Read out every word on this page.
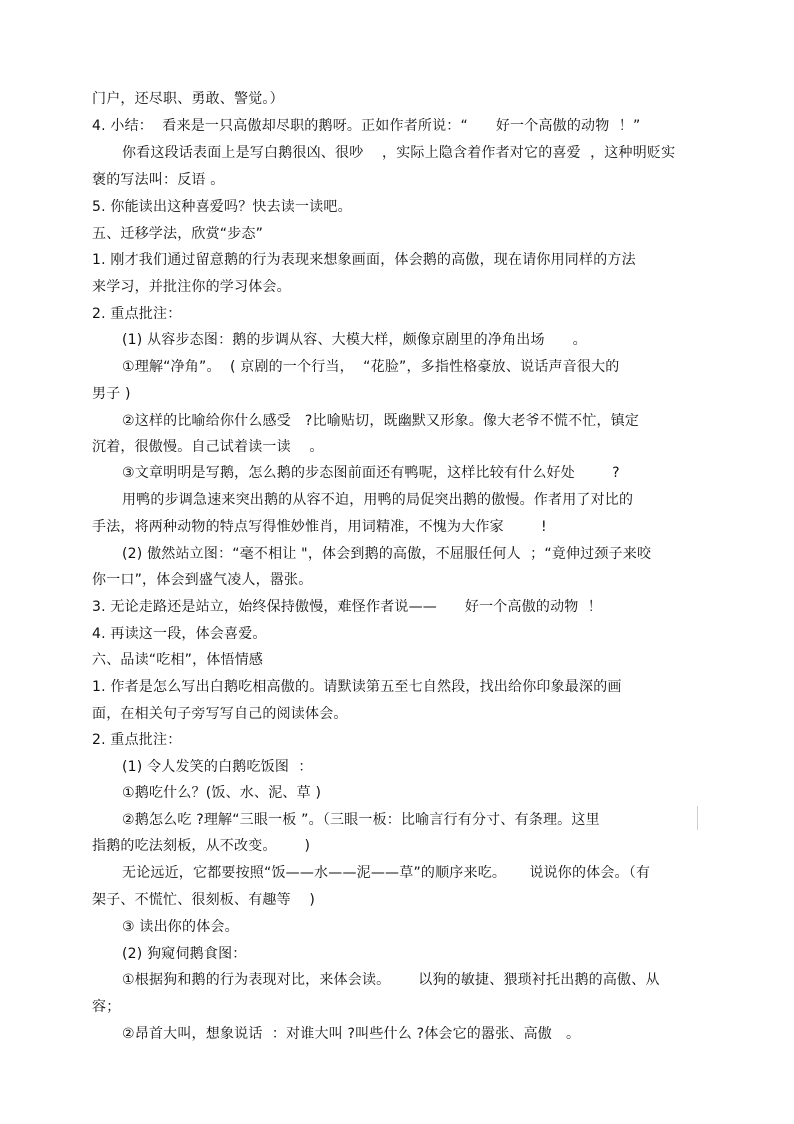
门户，还尽职、勇敢、警觉。）
4. 小结：  看来是一只高傲却尽职的鹅呀。正如作者所说：“      好一个高傲的动物  ！”
你看这段话表面上是写白鹅很凶、很吵    ，实际上隐含着作者对它的喜爱  ，这种明贬实
褒的写法叫：反语 。
5. 你能读出这种喜爱吗？快去读一读吧。
五、迁移学法，欣赏“步态”
1. 刚才我们通过留意鹅的行为表现来想象画面，体会鹅的高傲，现在请你用同样的方法
来学习，并批注你的学习体会。
2. 重点批注：
(1) 从容步态图：鹅的步调从容、大模大样，颇像京剧里的净角出场      。
①理解“净角”。  ( 京剧的一个行当，  “花脸”，多指性格豪放、说话声音很大的
男子 )
②这样的比喻给你什么感受   ?比喻贴切，既幽默又形象。像大老爷不慌不忙，镇定
沉着，很傲慢。自己试着读一读    。
③文章明明是写鹅，怎么鹅的步态图前面还有鸭呢，这样比较有什么好处        ?
用鸭的步调急速来突出鹅的从容不迫，用鸭的局促突出鹅的傲慢。作者用了对比的
手法，将两种动物的特点写得惟妙惟肖，用词精准，不愧为大作家        !
(2) 傲然站立图：“毫不相让 "，体会到鹅的高傲，不屈服任何人  ；“竟伸过颈子来咬
你一口”，体会到盛气凌人，嚣张。
3. 无论走路还是站立，始终保持傲慢，难怪作者说——      好一个高傲的动物  ！
4. 再读这一段，体会喜爱。
六、品读“吃相”，体悟情感
1. 作者是怎么写出白鹅吃相高傲的。请默读第五至七自然段，找出给你印象最深的画
面，在相关句子旁写写自己的阅读体会。
2. 重点批注：
(1) 令人发笑的白鹅吃饭图  ：
①鹅吃什么？(饭、水、泥、草 )
②鹅怎么吃 ?理解“三眼一板 ”。（三眼一板：比喻言行有分寸、有条理。这里
指鹅的吃法刻板，从不改变。      )
无论远近，它都要按照“饭——水——泥——草”的顺序来吃。     说说你的体会。（有
架子、不慌忙、很刻板、有趣等    )
③ 读出你的体会。
(2) 狗窥伺鹅食图：
①根据狗和鹅的行为表现对比，来体会读。      以狗的敏捷、猥琐衬托出鹅的高傲、从
容；
②昂首大叫，想象说话  ：对谁大叫 ?叫些什么 ?体会它的嚣张、高傲   。
